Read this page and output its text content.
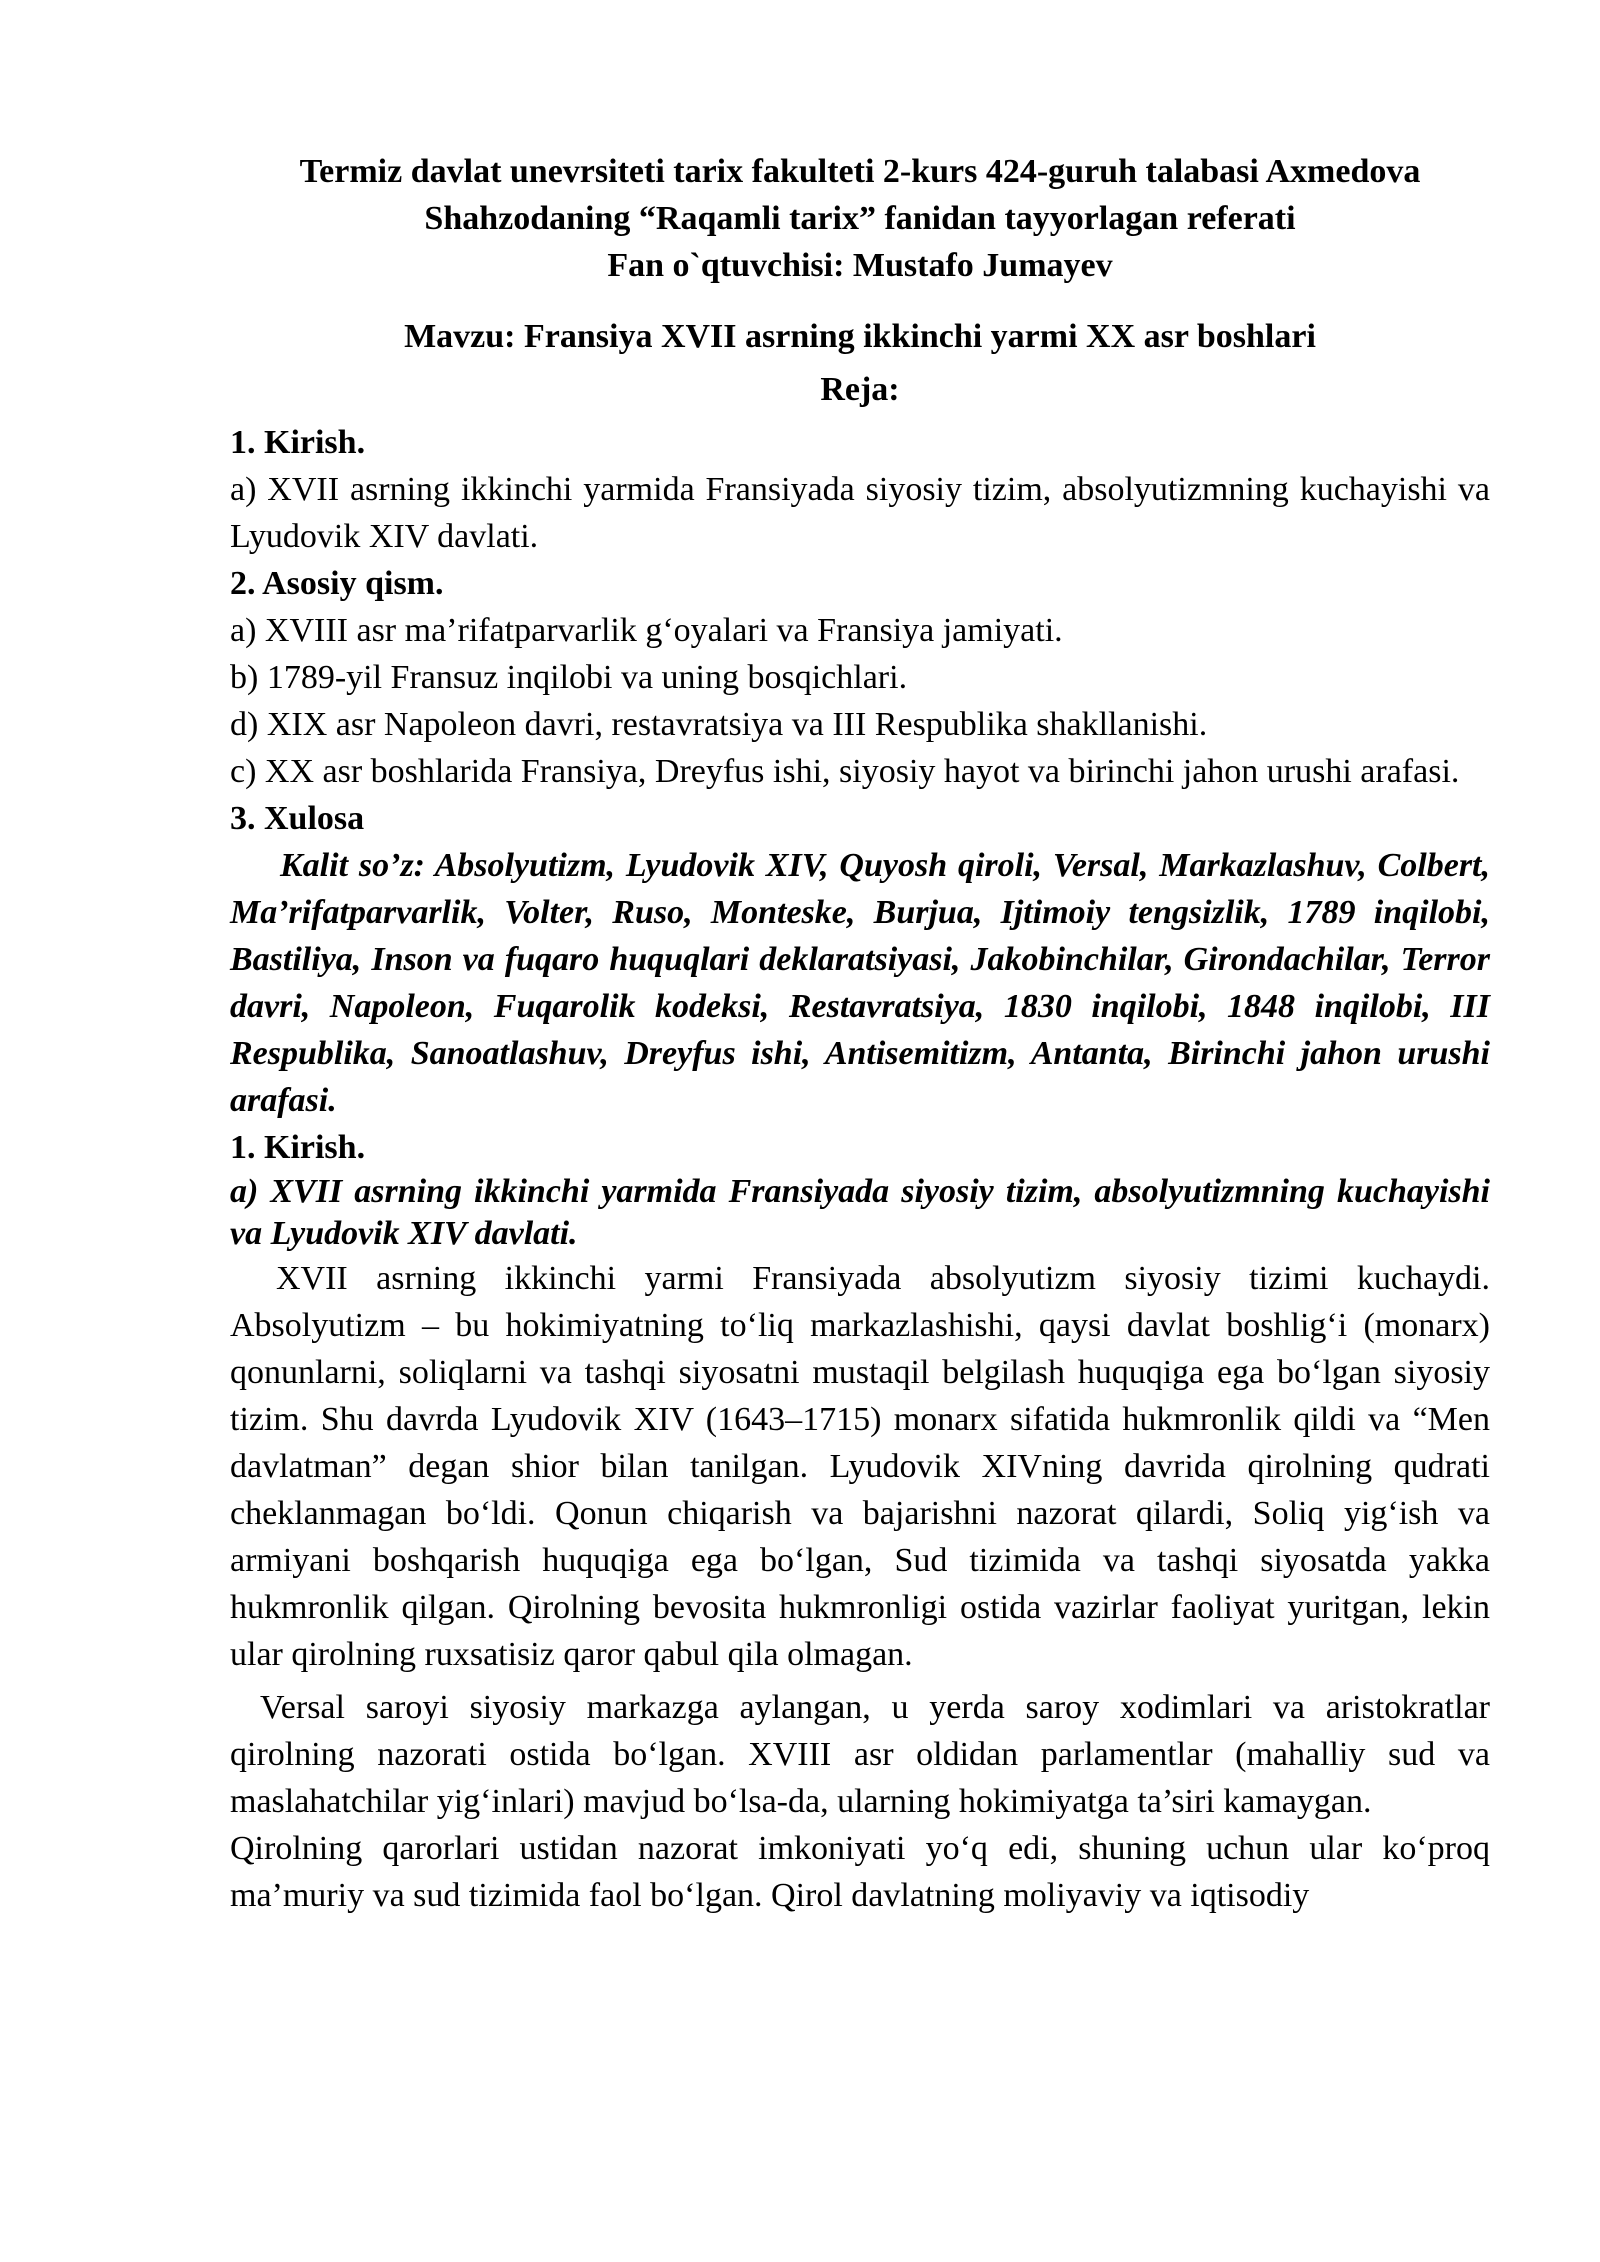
Termiz davlat unevrsiteti tarix fakulteti 2-kurs 424-guruh talabasi Axmedova

Shahzodaning “Raqamli tarix” fanidan tayyorlagan referati

Fan o`qtuvchisi: Mustafo Jumayev

Mavzu: Fransiya XVII asrning ikkinchi yarmi XX asr boshlari

Reja:

1. Kirish.

a) XVII asrning ikkinchi yarmida Fransiyada siyosiy tizim, absolyutizmning kuchayishi va Lyudovik XIV davlati.

2. Asosiy qism.

a) XVIII asr ma’rifatparvarlik g‘oyalari va Fransiya jamiyati.

b) 1789-yil Fransuz inqilobi va uning bosqichlari.

d) XIX asr Napoleon davri, restavratsiya va III Respublika shakllanishi.

c) XX asr boshlarida Fransiya, Dreyfus ishi, siyosiy hayot va birinchi jahon urushi arafasi.

3. Xulosa

Kalit so’z: Absolyutizm, Lyudovik XIV, Quyosh qiroli, Versal, Markazlashuv, Colbert, Ma’rifatparvarlik, Volter, Ruso, Monteske, Burjua, Ijtimoiy tengsizlik, 1789 inqilobi, Bastiliya, Inson va fuqaro huquqlari deklaratsiyasi, Jakobinchilar, Girondachilar, Terror davri, Napoleon, Fuqarolik kodeksi, Restavratsiya, 1830 inqilobi, 1848 inqilobi, III Respublika, Sanoatlashuv, Dreyfus ishi, Antisemitizm, Antanta, Birinchi jahon urushi arafasi.

1. Kirish.

a) XVII asrning ikkinchi yarmida Fransiyada siyosiy tizim, absolyutizmning kuchayishi va Lyudovik XIV davlati.

XVII asrning ikkinchi yarmi Fransiyada absolyutizm siyosiy tizimi kuchaydi. Absolyutizm – bu hokimiyatning to‘liq markazlashishi, qaysi davlat boshlig‘i (monarx) qonunlarni, soliqlarni va tashqi siyosatni mustaqil belgilash huquqiga ega bo‘lgan siyosiy tizim. Shu davrda Lyudovik XIV (1643–1715) monarx sifatida hukmronlik qildi va “Men davlatman” degan shior bilan tanilgan. Lyudovik XIVning davrida qirolning qudrati cheklanmagan bo‘ldi. Qonun chiqarish va bajarishni nazorat qilardi, Soliq yig‘ish va armiyani boshqarish huquqiga ega bo‘lgan, Sud tizimida va tashqi siyosatda yakka hukmronlik qilgan. Qirolning bevosita hukmronligi ostida vazirlar faoliyat yuritgan, lekin ular qirolning ruxsatisiz qaror qabul qila olmagan.

Versal saroyi siyosiy markazga aylangan, u yerda saroy xodimlari va aristokratlar qirolning nazorati ostida bo‘lgan. XVIII asr oldidan parlamentlar (mahalliy sud va maslahatchilar yig‘inlari) mavjud bo‘lsa-da, ularning hokimiyatga ta’siri kamaygan.

Qirolning qarorlari ustidan nazorat imkoniyati yo‘q edi, shuning uchun ular ko‘proq ma’muriy va sud tizimida faol bo‘lgan. Qirol davlatning moliyaviy va iqtisodiy
